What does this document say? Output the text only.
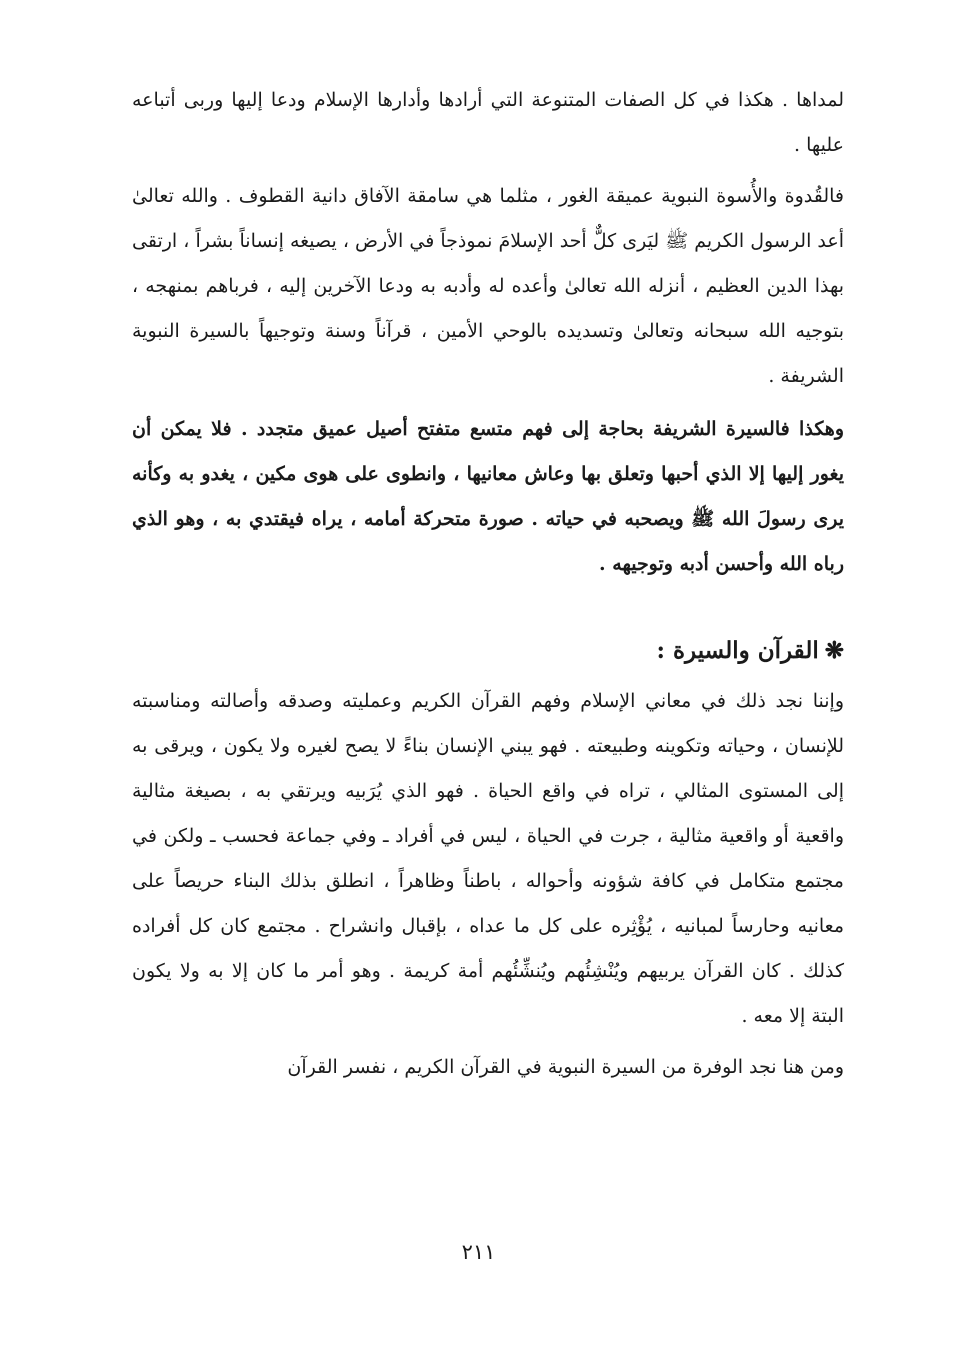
لمداها . هكذا في كل الصفات المتنوعة التي أرادها وأدارها الإسلام ودعا إليها وربى أتباعه عليها .

فالقُدوة والأُسوة النبوية عميقة الغور ، مثلما هي سامقة الآفاق دانية القطوف . والله تعالىٰ أعد الرسول الكريم ﷺ ليَرى كلٌّ أحد الإسلامَ نموذجاً في الأرض ، يصيغه إنساناً بشراً ، ارتقى بهذا الدين العظيم ، أنزله الله تعالىٰ وأعده له وأدبه به ودعا الآخرين إليه ، فرباهم بمنهجه ، بتوجيه الله سبحانه وتعالىٰ وتسديده بالوحي الأمين ، قرآناً وسنة وتوجيهاً بالسيرة النبوية الشريفة .

وهكذا فالسيرة الشريفة بحاجة إلى فهم متسع متفتح أصيل عميق متجدد . فلا يمكن أن يغور إليها إلا الذي أحبها وتعلق بها وعاش معانيها ، وانطوى على هوى مكين ، يغدو به وكأنه يرى رسولَ الله ﷺ ويصحبه في حياته . صورة متحركة أمامه ، يراه فيقتدي به ، وهو الذي رباه الله وأحسن أدبه وتوجيهه .

❋القرآن والسيرة :

وإننا نجد ذلك في معاني الإسلام وفهم القرآن الكريم وعمليته وصدقه وأصالته ومناسبته للإنسان ، وحياته وتكوينه وطبيعته . فهو يبني الإنسان بناءً لا يصح لغيره ولا يكون ، ويرقى به إلى المستوى المثالي ، تراه في واقع الحياة . فهو الذي يُرَبيه ويرتقي به ، بصيغة مثالية واقعية أو واقعية مثالية ، جرت في الحياة ، ليس في أفراد ـ وفي جماعة فحسب ـ ولكن في مجتمع متكامل في كافة شؤونه وأحواله ، باطناً وظاهراً ، انطلق بذلك البناء حريصاً على معانيه وحارساً لمبانيه ، يُؤْثِره على كل ما عداه ، بإقبال وانشراح . مجتمع كان كل أفراده كذلك . كان القرآن يربيهم ويُنْشِئُهم ويُنشِّئُهم أمة كريمة . وهو أمر ما كان إلا به ولا يكون البتة إلا معه .

ومن هنا نجد الوفرة من السيرة النبوية في القرآن الكريم ، نفسر القرآن

٢١١
